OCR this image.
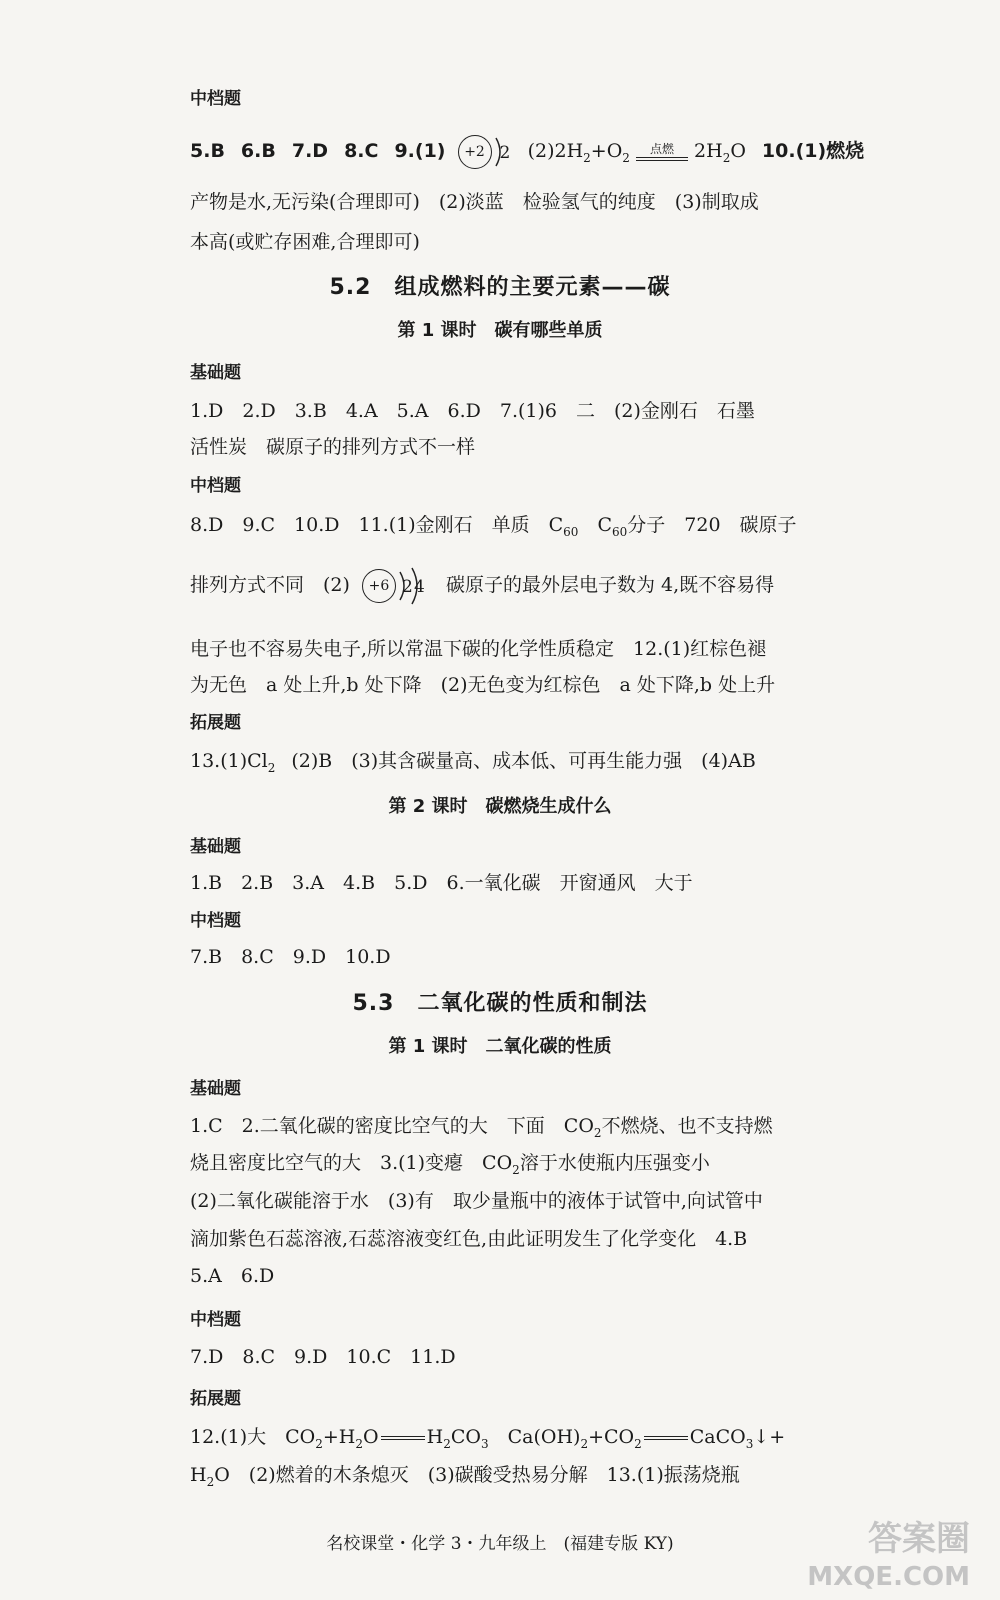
中档题
5.B 6.B 7.D 8.C 9.(1)	+2 2 $(2)2H_2+O_2$
点燃	$2H_2O$ 10.(1)燃烧
产物是水,无污染(合理即可)　(2)淡蓝　检验氢气的纯度　(3)制取成
本高(或贮存困难,合理即可)
5.2　组成燃料的主要元素——碳
第 1 课时　碳有哪些单质
基础题
1.D　2.D　3.B　4.A　5.A　6.D　7.(1)6　二　(2)金刚石　石墨
活性炭　碳原子的排列方式不一样
中档题
8.D　9.C　10.D　11.(1)金刚石　单质　$C_{60}$　$C_{60}$分子　720　碳原子
排列方式不同　(2)	+6 2 4 碳原子的最外层电子数为 4,既不容易得
电子也不容易失电子,所以常温下碳的化学性质稳定　12.(1)红棕色褪
为无色　a 处上升,b 处下降　(2)无色变为红棕色　a 处下降,b 处上升
拓展题
$13.(1)Cl_2$ (2)B　(3)其含碳量高、成本低、可再生能力强　(4)AB
第 2 课时　碳燃烧生成什么
基础题
1.B　2.B　3.A　4.B　5.D　6.一氧化碳　开窗通风　大于
中档题
7.B　8.C　9.D　10.D
5.3　二氧化碳的性质和制法
第 1 课时　二氧化碳的性质
基础题
1.C　2.二氧化碳的密度比空气的大　下面　$CO_2$不燃烧、也不支持燃
烧且密度比空气的大　3.(1)变瘪　$CO_2$溶于水使瓶内压强变小
(2)二氧化碳能溶于水　(3)有　取少量瓶中的液体于试管中,向试管中
滴加紫色石蕊溶液,石蕊溶液变红色,由此证明发生了化学变化　4.B
5.A　6.D
中档题
7.D　8.C　9.D　10.C　11.D
拓展题
12.(1)大　$CO_2+H_2O$	$H_2CO_3$　$Ca(OH)_2+CO_2$	CaCO$_3$↓+
$H_2O$　(2)燃着的木条熄灭　(3)碳酸受热易分解　13.(1)振荡烧瓶
名校课堂・化学 3・九年级上　(福建专版 KY)	答案圈
MXQE.COM
